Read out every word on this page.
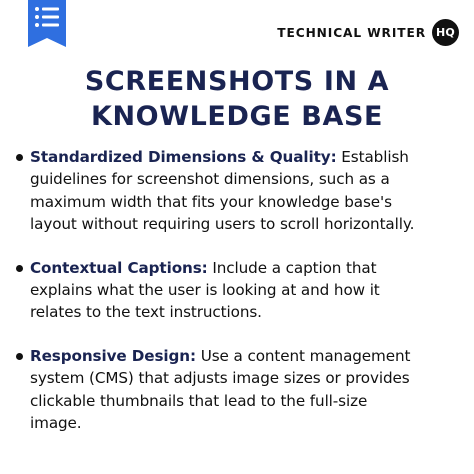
TECHNICAL WRITER HQ
SCREENSHOTS IN A
KNOWLEDGE BASE
Standardized Dimensions & Quality: Establish
guidelines for screenshot dimensions, such as a
maximum width that fits your knowledge base's
layout without requiring users to scroll horizontally.
Contextual Captions: Include a caption that
explains what the user is looking at and how it
relates to the text instructions.
Responsive Design: Use a content management
system (CMS) that adjusts image sizes or provides
clickable thumbnails that lead to the full-size
image.
